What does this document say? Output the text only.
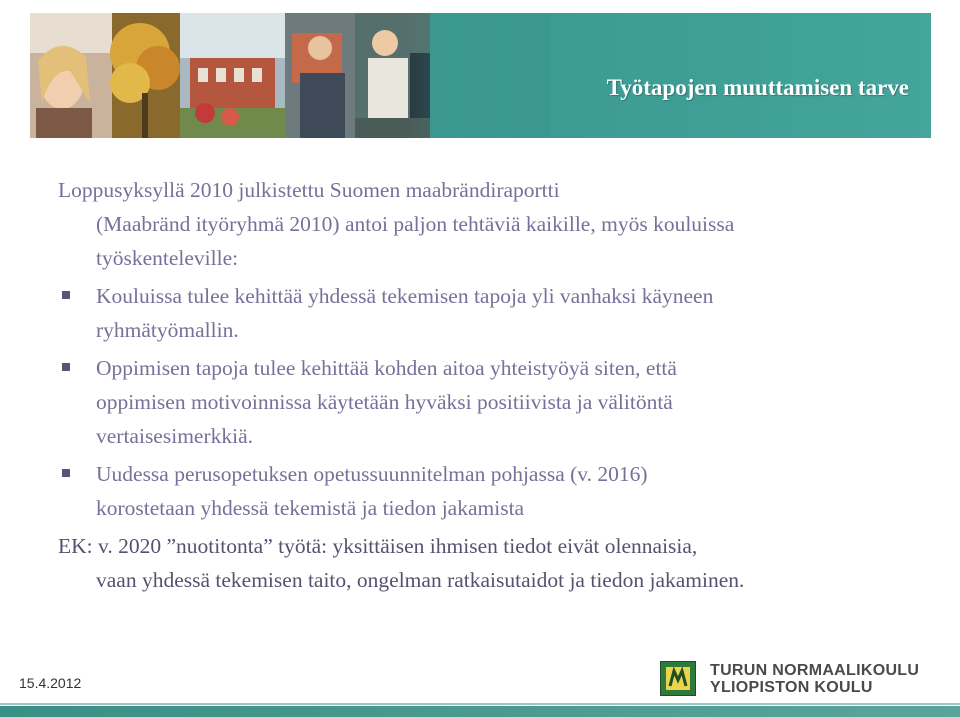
Työtapojen muuttamisen tarve

Loppusyksyllä 2010 julkistettu Suomen maabrändiraportti
(Maabränd ityöryhmä 2010) antoi paljon tehtäviä kaikille, myös kouluissa
työskenteleville:

Kouluissa tulee kehittää yhdessä tekemisen tapoja yli vanhaksi käyneen
ryhmätyömallin.

Oppimisen tapoja tulee kehittää kohden aitoa yhteistyöyä siten, että
oppimisen motivoinnissa käytetään hyväksi positiivista ja välitöntä
vertaisesimerkkiä.

Uudessa perusopetuksen opetussuunnitelman pohjassa (v. 2016)
korostetaan yhdessä tekemistä ja tiedon jakamista

EK: v. 2020 ”nuotitonta” työtä: yksittäisen ihmisen tiedot eivät olennaisia,
vaan yhdessä tekemisen taito, ongelman ratkaisutaidot ja tiedon jakaminen.

15.4.2012
TURUN NORMAALIKOULU
YLIOPISTON KOULU
